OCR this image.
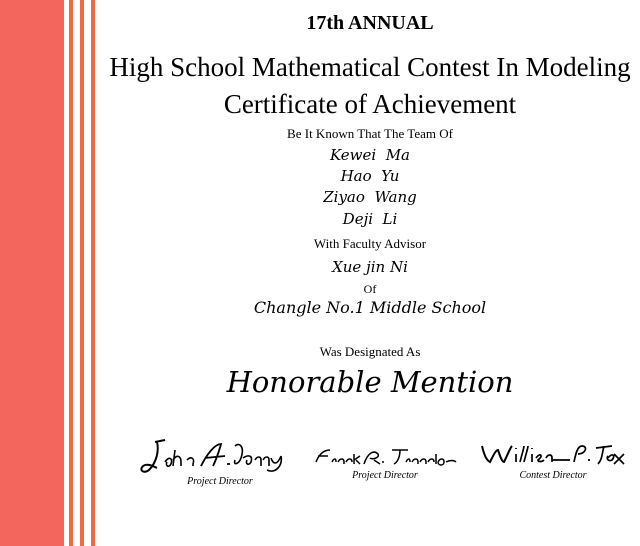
17th ANNUAL
High School Mathematical Contest In Modeling
Certificate of Achievement
Be It Known That The Team Of
Kewei  Ma
Hao  Yu
Ziyao  Wang
Deji  Li
With Faculty Advisor
Xue jin Ni
Of
Changle No.1 Middle School
Was Designated As
Honorable Mention
Project Director
Project Director	Contest Director
